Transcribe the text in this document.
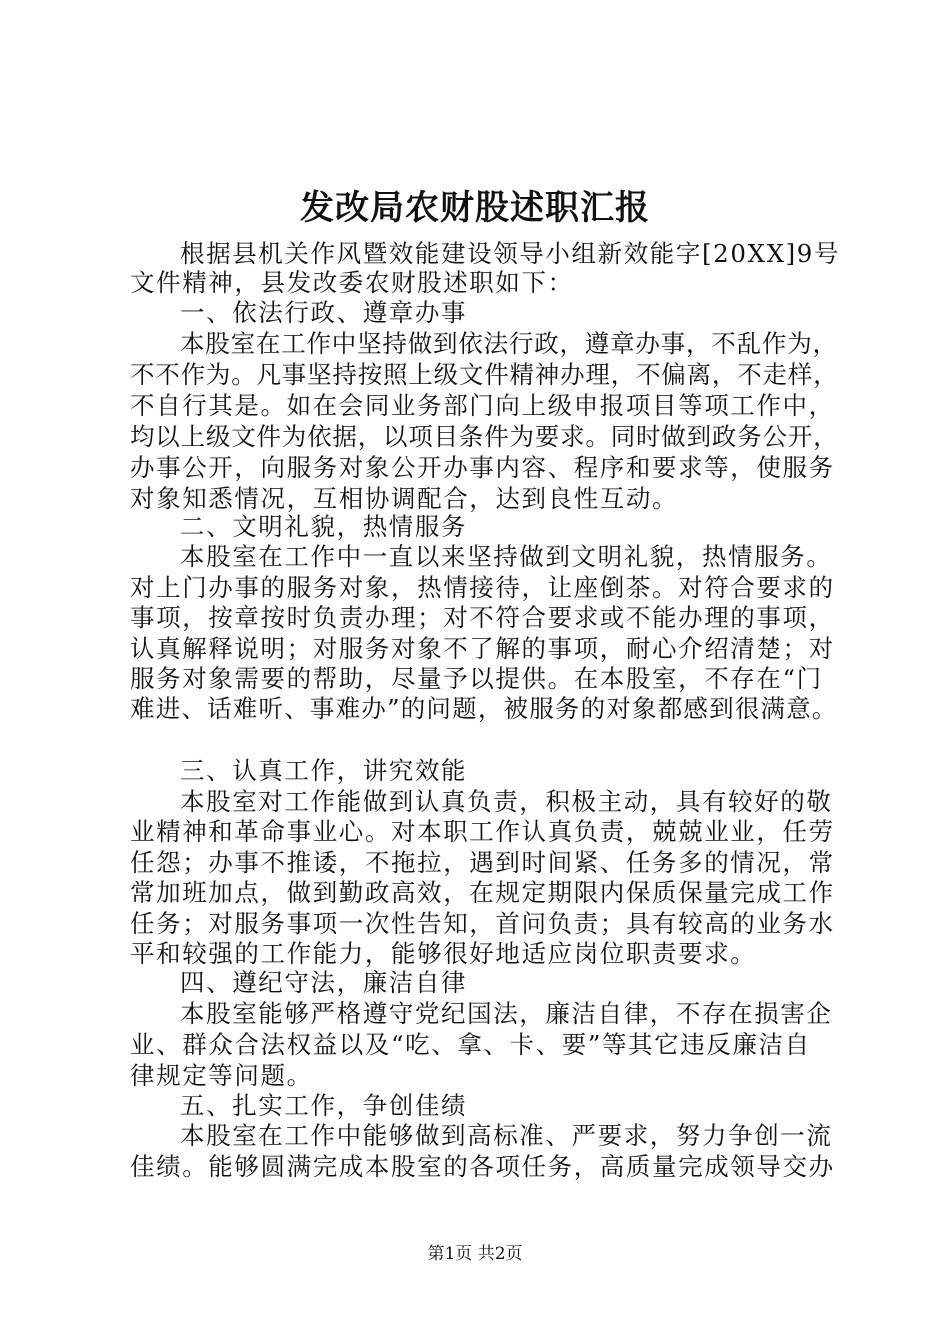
发改局农财股述职汇报
根据县机关作风暨效能建设领导小组新效能字[20XX]9号
文件精神，县发改委农财股述职如下：
一、依法行政、遵章办事
本股室在工作中坚持做到依法行政，遵章办事，不乱作为，
不不作为。凡事坚持按照上级文件精神办理，不偏离，不走样，
不自行其是。如在会同业务部门向上级申报项目等项工作中，
均以上级文件为依据，以项目条件为要求。同时做到政务公开，
办事公开，向服务对象公开办事内容、程序和要求等，使服务
对象知悉情况，互相协调配合，达到良性互动。
二、文明礼貌，热情服务
本股室在工作中一直以来坚持做到文明礼貌，热情服务。
对上门办事的服务对象，热情接待，让座倒茶。对符合要求的
事项，按章按时负责办理；对不符合要求或不能办理的事项，
认真解释说明；对服务对象不了解的事项，耐心介绍清楚；对
服务对象需要的帮助，尽量予以提供。在本股室，不存在“门
难进、话难听、事难办”的问题，被服务的对象都感到很满意。
三、认真工作，讲究效能
本股室对工作能做到认真负责，积极主动，具有较好的敬
业精神和革命事业心。对本职工作认真负责，兢兢业业，任劳
任怨；办事不推诿，不拖拉，遇到时间紧、任务多的情况，常
常加班加点，做到勤政高效，在规定期限内保质保量完成工作
任务；对服务事项一次性告知，首问负责；具有较高的业务水
平和较强的工作能力，能够很好地适应岗位职责要求。
四、遵纪守法，廉洁自律
本股室能够严格遵守党纪国法，廉洁自律，不存在损害企
业、群众合法权益以及“吃、拿、卡、要”等其它违反廉洁自
律规定等问题。
五、扎实工作，争创佳绩
本股室在工作中能够做到高标准、严要求，努力争创一流
佳绩。能够圆满完成本股室的各项任务，高质量完成领导交办
第1页 共2页
